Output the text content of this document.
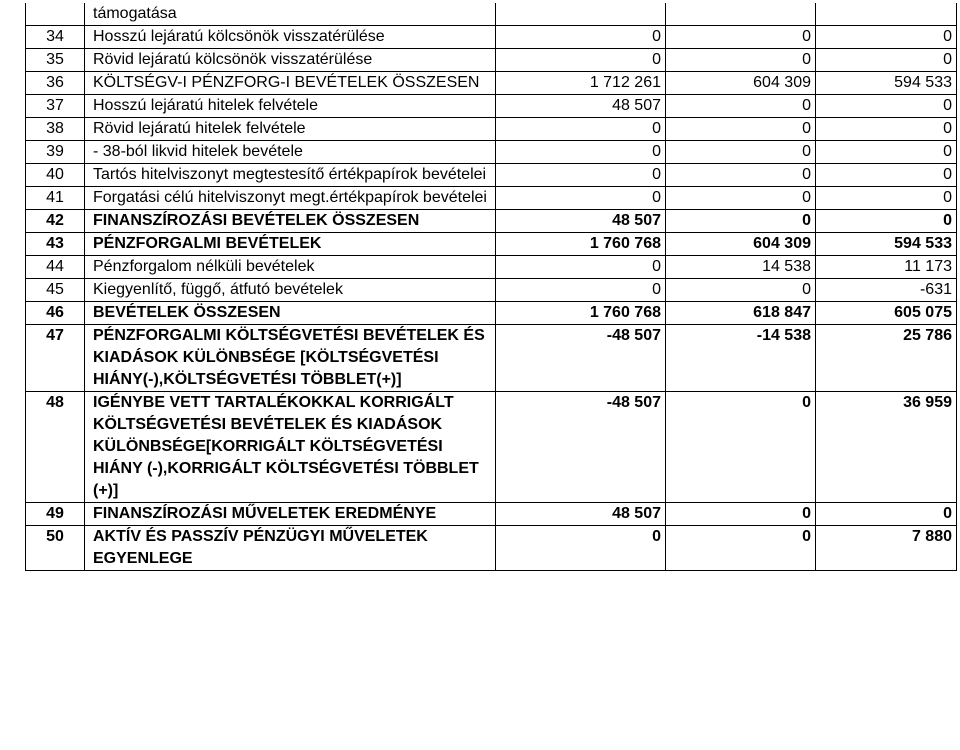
	támogatása			
34	Hosszú lejáratú kölcsönök visszatérülése	0	0	0
35	Rövid lejáratú kölcsönök visszatérülése	0	0	0
36	KÖLTSÉGV-I PÉNZFORG-I BEVÉTELEK ÖSSZESEN	1 712 261	604 309	594 533
37	Hosszú lejáratú hitelek felvétele	48 507	0	0
38	Rövid lejáratú hitelek felvétele	0	0	0
39	- 38-ból likvid hitelek bevétele	0	0	0
40	Tartós hitelviszonyt megtestesítő értékpapírok bevételei	0	0	0
41	Forgatási célú hitelviszonyt megt.értékpapírok bevételei	0	0	0
42	FINANSZÍROZÁSI BEVÉTELEK ÖSSZESEN	48 507	0	0
43	PÉNZFORGALMI BEVÉTELEK	1 760 768	604 309	594 533
44	Pénzforgalom nélküli bevételek	0	14 538	11 173
45	Kiegyenlítő, függő, átfutó bevételek	0	0	-631
46	BEVÉTELEK ÖSSZESEN	1 760 768	618 847	605 075
47	PÉNZFORGALMI KÖLTSÉGVETÉSI BEVÉTELEK ÉS KIADÁSOK KÜLÖNBSÉGE [KÖLTSÉGVETÉSI HIÁNY(-),KÖLTSÉGVETÉSI TÖBBLET(+)]	-48 507	-14 538	25 786
48	IGÉNYBE VETT TARTALÉKOKKAL KORRIGÁLT KÖLTSÉGVETÉSI BEVÉTELEK ÉS KIADÁSOK KÜLÖNBSÉGE[KORRIGÁLT KÖLTSÉGVETÉSI HIÁNY (-),KORRIGÁLT KÖLTSÉGVETÉSI TÖBBLET (+)]	-48 507	0	36 959
49	FINANSZÍROZÁSI MŰVELETEK EREDMÉNYE	48 507	0	0
50	AKTÍV ÉS PASSZÍV PÉNZÜGYI MŰVELETEK EGYENLEGE	0	0	7 880
